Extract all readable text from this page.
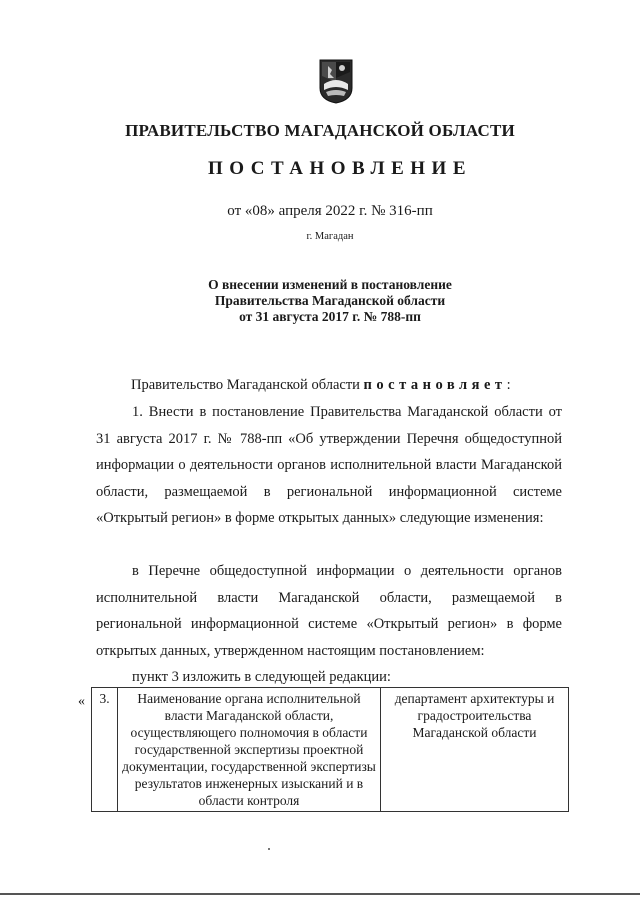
ПРАВИТЕЛЬСТВО МАГАДАНСКОЙ ОБЛАСТИ
ПОСТАНОВЛЕНИЕ
от «08» апреля 2022 г. № 316-пп
г. Магадан
О внесении изменений в постановление
Правительства Магаданской области
от 31 августа 2017 г. № 788-пп
Правительство Магаданской области постановляет:
1. Внести в постановление Правительства Магаданской области от 31 августа 2017 г. № 788-пп «Об утверждении Перечня общедоступной информации о деятельности органов исполнительной власти Магаданской области, размещаемой в региональной информационной системе «Открытый регион» в форме открытых данных» следующие изменения:
в Перечне общедоступной информации о деятельности органов исполнительной власти Магаданской области, размещаемой в региональной информационной системе «Открытый регион» в форме открытых данных, утвержденном настоящим постановлением:
пункт 3 изложить в следующей редакции:
« 3.	Наименование органа исполнительной власти Магаданской области, осуществляющего полномочия в области государственной экспертизы проектной документации, государственной экспертизы результатов инженерных изысканий и в области контроля	департамент архитектуры и градостроительства Магаданской области
